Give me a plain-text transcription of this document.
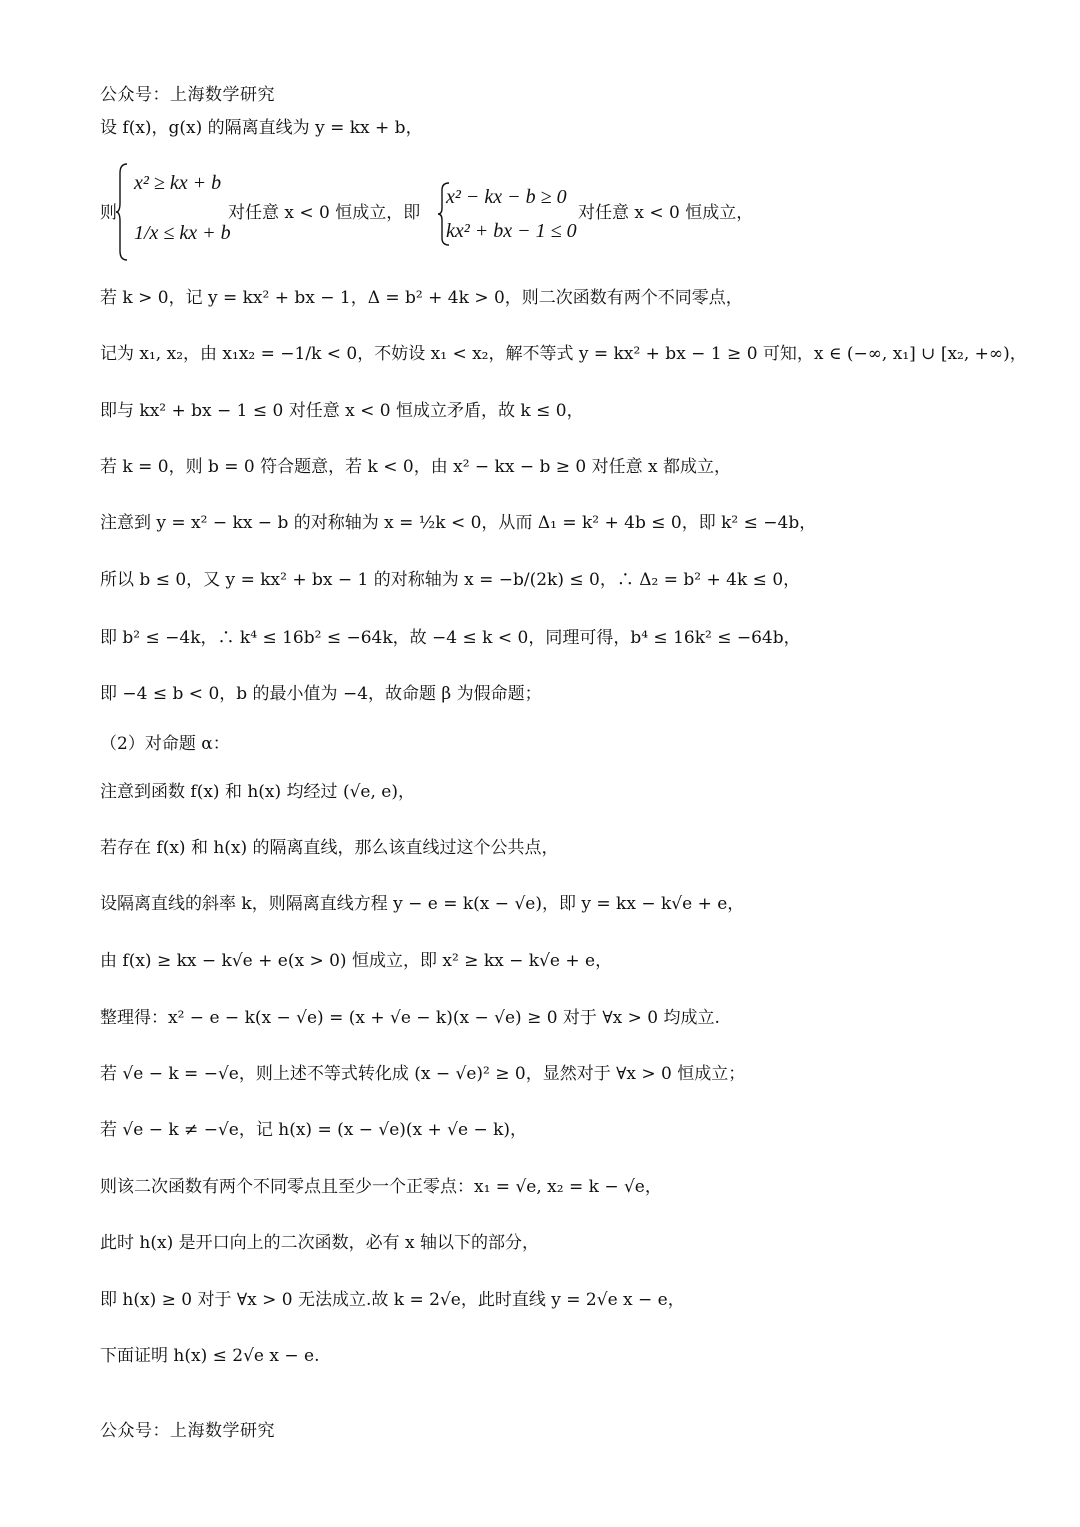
公众号：上海数学研究
设 f(x)，g(x) 的隔离直线为 y = kx + b，
则
x² ≥ kx + b
1/x ≤ kx + b
对任意 x < 0 恒成立，即
x² − kx − b ≥ 0
kx² + bx − 1 ≤ 0
对任意 x < 0 恒成立，
若 k > 0，记 y = kx² + bx − 1，Δ = b² + 4k > 0，则二次函数有两个不同零点，
记为 x₁, x₂，由 x₁x₂ = −1/k < 0，不妨设 x₁ < x₂，解不等式 y = kx² + bx − 1 ≥ 0 可知，x ∈ (−∞, x₁] ∪ [x₂, +∞)，
即与 kx² + bx − 1 ≤ 0 对任意 x < 0 恒成立矛盾，故 k ≤ 0，
若 k = 0，则 b = 0 符合题意，若 k < 0，由 x² − kx − b ≥ 0 对任意 x 都成立，
注意到 y = x² − kx − b 的对称轴为 x = ½k < 0，从而 Δ₁ = k² + 4b ≤ 0，即 k² ≤ −4b，
所以 b ≤ 0，又 y = kx² + bx − 1 的对称轴为 x = −b/(2k) ≤ 0，∴ Δ₂ = b² + 4k ≤ 0，
即 b² ≤ −4k，∴ k⁴ ≤ 16b² ≤ −64k，故 −4 ≤ k < 0，同理可得，b⁴ ≤ 16k² ≤ −64b，
即 −4 ≤ b < 0，b 的最小值为 −4，故命题 β 为假命题；
（2）对命题 α：
注意到函数 f(x) 和 h(x) 均经过 (√e, e)，
若存在 f(x) 和 h(x) 的隔离直线，那么该直线过这个公共点，
设隔离直线的斜率 k，则隔离直线方程 y − e = k(x − √e)，即 y = kx − k√e + e，
由 f(x) ≥ kx − k√e + e(x > 0) 恒成立，即 x² ≥ kx − k√e + e，
整理得：x² − e − k(x − √e) = (x + √e − k)(x − √e) ≥ 0 对于 ∀x > 0 均成立.
若 √e − k = −√e，则上述不等式转化成 (x − √e)² ≥ 0，显然对于 ∀x > 0 恒成立；
若 √e − k ≠ −√e，记 h(x) = (x − √e)(x + √e − k)，
则该二次函数有两个不同零点且至少一个正零点：x₁ = √e, x₂ = k − √e，
此时 h(x) 是开口向上的二次函数，必有 x 轴以下的部分，
即 h(x) ≥ 0 对于 ∀x > 0 无法成立.故 k = 2√e，此时直线 y = 2√e x − e，
下面证明 h(x) ≤ 2√e x − e.
公众号：上海数学研究
